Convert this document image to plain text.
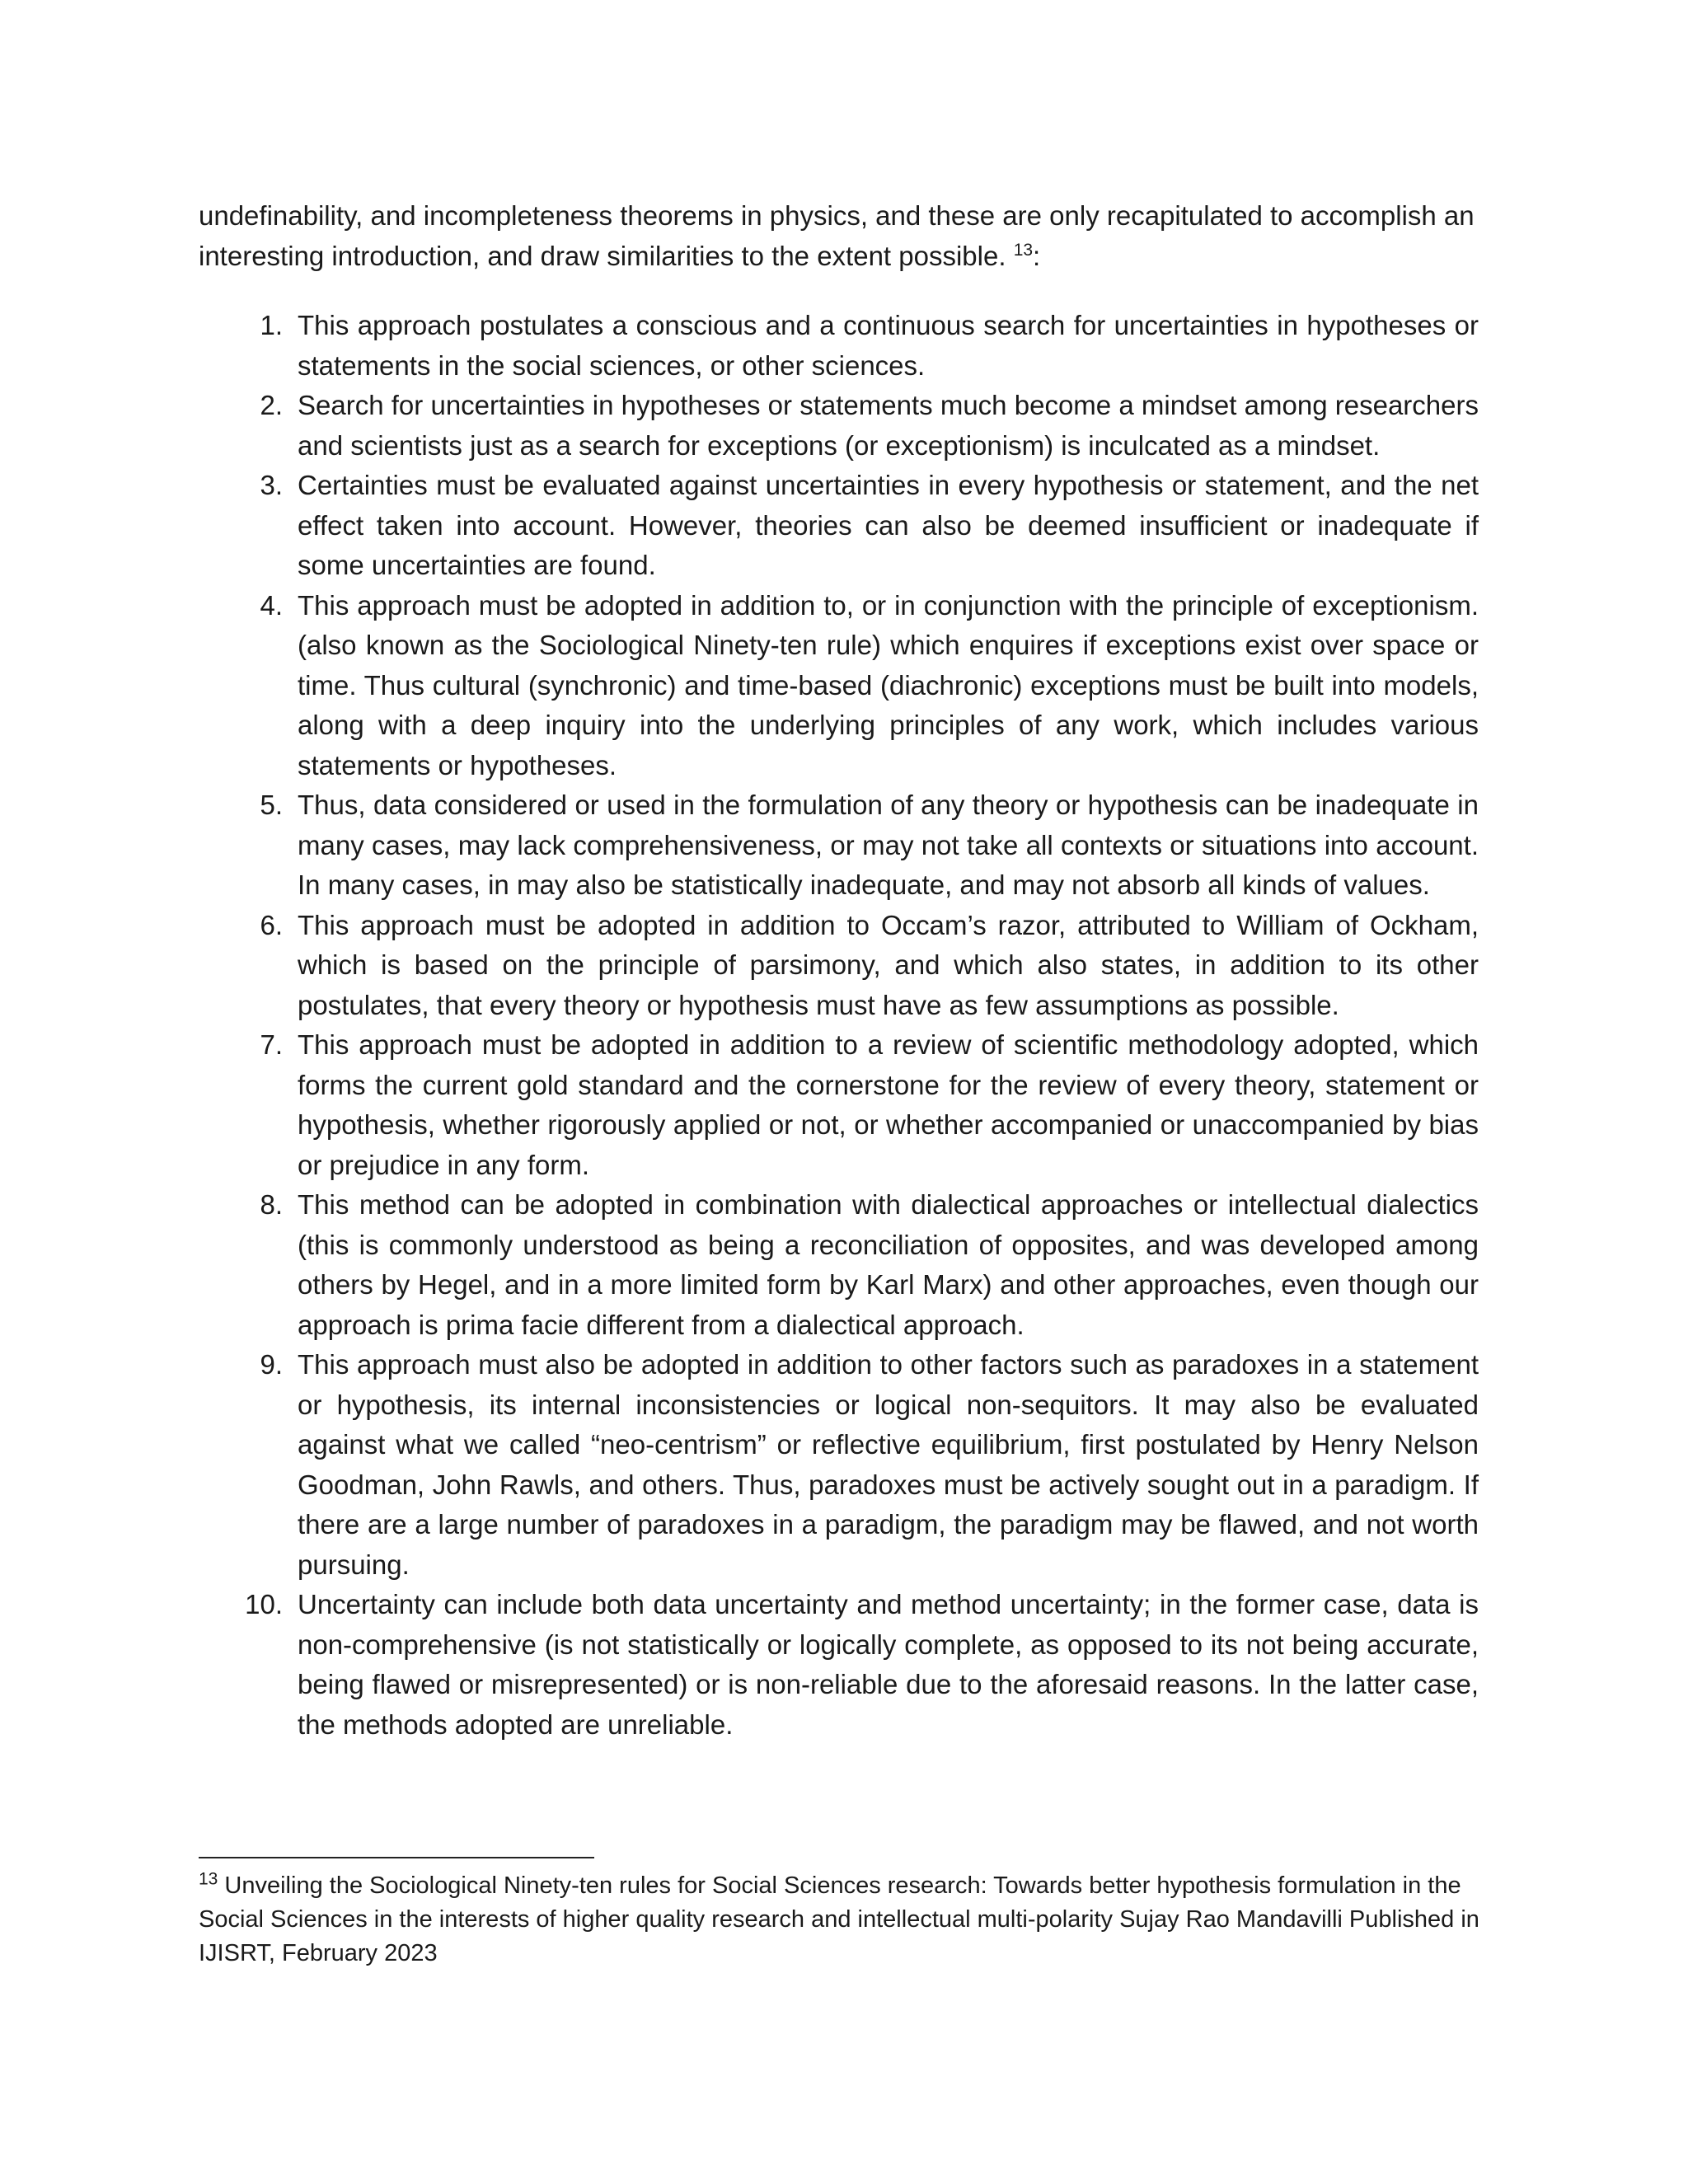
undefinability, and incompleteness theorems in physics, and these are only recapitulated to accomplish an interesting introduction, and draw similarities to the extent possible. $^{13}$:

1. This approach postulates a conscious and a continuous search for uncertainties in hypotheses or statements in the social sciences, or other sciences.
2. Search for uncertainties in hypotheses or statements much become a mindset among researchers and scientists just as a search for exceptions (or exceptionism) is inculcated as a mindset.
3. Certainties must be evaluated against uncertainties in every hypothesis or statement, and the net effect taken into account. However, theories can also be deemed insufficient or inadequate if some uncertainties are found.
4. This approach must be adopted in addition to, or in conjunction with the principle of exceptionism. (also known as the Sociological Ninety-ten rule) which enquires if exceptions exist over space or time. Thus cultural (synchronic) and time-based (diachronic) exceptions must be built into models, along with a deep inquiry into the underlying principles of any work, which includes various statements or hypotheses.
5. Thus, data considered or used in the formulation of any theory or hypothesis can be inadequate in many cases, may lack comprehensiveness, or may not take all contexts or situations into account. In many cases, in may also be statistically inadequate, and may not absorb all kinds of values.
6. This approach must be adopted in addition to Occam’s razor, attributed to William of Ockham, which is based on the principle of parsimony, and which also states, in addition to its other postulates, that every theory or hypothesis must have as few assumptions as possible.
7. This approach must be adopted in addition to a review of scientific methodology adopted, which forms the current gold standard and the cornerstone for the review of every theory, statement or hypothesis, whether rigorously applied or not, or whether accompanied or unaccompanied by bias or prejudice in any form.
8. This method can be adopted in combination with dialectical approaches or intellectual dialectics (this is commonly understood as being a reconciliation of opposites, and was developed among others by Hegel, and in a more limited form by Karl Marx) and other approaches, even though our approach is prima facie different from a dialectical approach.
9. This approach must also be adopted in addition to other factors such as paradoxes in a statement or hypothesis, its internal inconsistencies or logical non-sequitors. It may also be evaluated against what we called “neo-centrism” or reflective equilibrium, first postulated by Henry Nelson Goodman, John Rawls, and others. Thus, paradoxes must be actively sought out in a paradigm. If there are a large number of paradoxes in a paradigm, the paradigm may be flawed, and not worth pursuing.
10. Uncertainty can include both data uncertainty and method uncertainty; in the former case, data is non-comprehensive (is not statistically or logically complete, as opposed to its not being accurate, being flawed or misrepresented) or is non-reliable due to the aforesaid reasons. In the latter case, the methods adopted are unreliable.

$^{13}$ Unveiling the Sociological Ninety-ten rules for Social Sciences research: Towards better hypothesis formulation in the Social Sciences in the interests of higher quality research and intellectual multi-polarity Sujay Rao Mandavilli Published in IJISRT, February 2023
